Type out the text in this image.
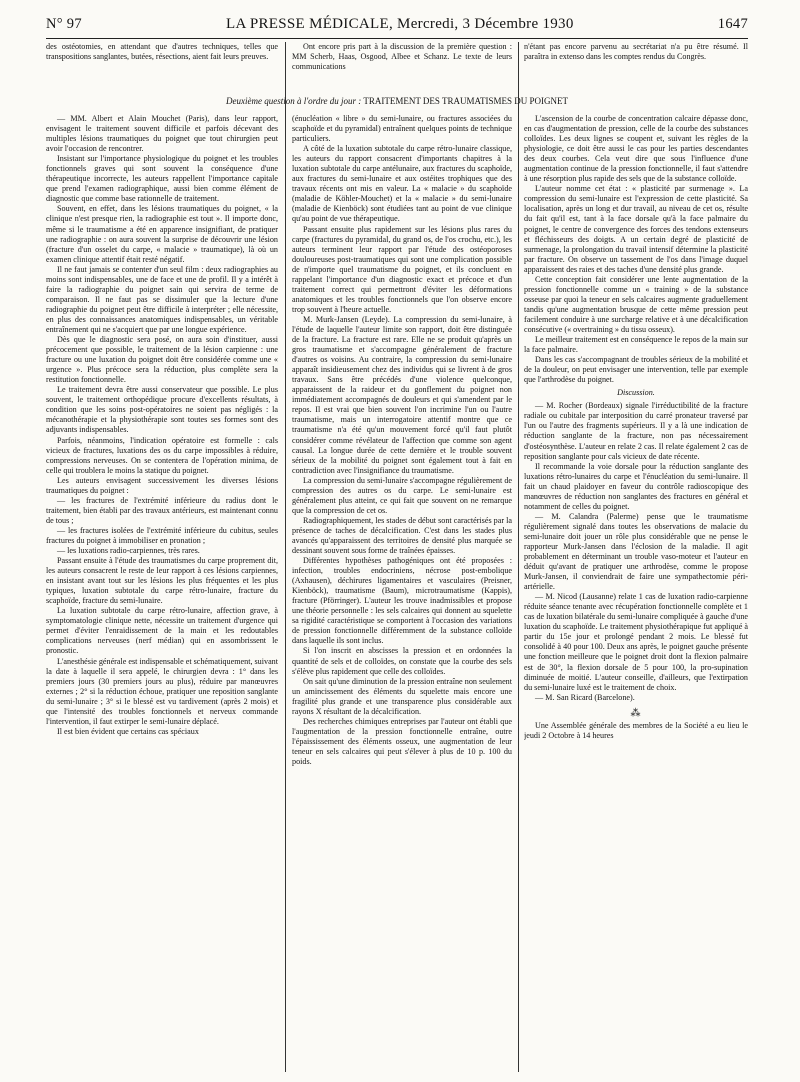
N° 97	LA PRESSE MÉDICALE, Mercredi, 3 Décembre 1930	1647

des ostéotomies, en attendant que d'autres techniques, telles que transpositions sanglantes, butées, résections, aient fait leurs preuves.

Ont encore pris part à la discussion de la première question : MM Scherb, Haas, Osgood, Albee et Schanz. Le texte de leurs communications

n'étant pas encore parvenu au secrétariat n'a pu être résumé. Il paraîtra in extenso dans les comptes rendus du Congrès.

Deuxième question à l'ordre du jour : TRAITEMENT DES TRAUMATISMES DU POIGNET

— MM. Albert et Alain Mouchet (Paris), dans leur rapport, envisagent le traitement souvent difficile et parfois décevant des multiples lésions traumatiques du poignet que tout chirurgien peut avoir l'occasion de rencontrer.

Insistant sur l'importance physiologique du poignet et les troubles fonctionnels graves qui sont souvent la conséquence d'une thérapeutique incorrecte, les auteurs rappellent l'importance capitale que prend l'examen radiographique, aussi bien comme élément de diagnostic que comme base rationnelle de traitement.

Souvent, en effet, dans les lésions traumatiques du poignet, « la clinique n'est presque rien, la radiographie est tout ». Il importe donc, même si le traumatisme a été en apparence insignifiant, de pratiquer une radiographie : on aura souvent la surprise de découvrir une lésion (fracture d'un osselet du carpe, « malacie » traumatique), là où un examen clinique attentif était resté négatif.

Il ne faut jamais se contenter d'un seul film : deux radiographies au moins sont indispensables, une de face et une de profil. Il y a intérêt à faire la radiographie du poignet sain qui servira de terme de comparaison. Il ne faut pas se dissimuler que la lecture d'une radiographie du poignet peut être difficile à interpréter ; elle nécessite, en plus des connaissances anatomiques indispensables, un véritable entraînement qui ne s'acquiert que par une longue expérience.

Dès que le diagnostic sera posé, on aura soin d'instituer, aussi précocement que possible, le traitement de la lésion carpienne : une fracture ou une luxation du poignet doit être considérée comme une « urgence ». Plus précoce sera la réduction, plus complète sera la restitution fonctionnelle.

Le traitement devra être aussi conservateur que possible. Le plus souvent, le traitement orthopédique procure d'excellents résultats, à condition que les soins post-opératoires ne soient pas négligés : la mécanothérapie et la physiothérapie sont toutes ses formes sont des adjuvants indispensables.

Parfois, néanmoins, l'indication opératoire est formelle : cals vicieux de fractures, luxations des os du carpe impossibles à réduire, compressions nerveuses. On se contentera de l'opération minima, de celle qui troublera le moins la statique du poignet.

Les auteurs envisagent successivement les diverses lésions traumatiques du poignet :

— les fractures de l'extrémité inférieure du radius dont le traitement, bien établi par des travaux antérieurs, est maintenant connu de tous ;

— les fractures isolées de l'extrémité inférieure du cubitus, seules fractures du poignet à immobiliser en pronation ;

— les luxations radio-carpiennes, très rares.

Passant ensuite à l'étude des traumatismes du carpe proprement dit, les auteurs consacrent le reste de leur rapport à ces lésions carpiennes, en insistant avant tout sur les lésions les plus fréquentes et les plus typiques, luxation subtotale du carpe rétro-lunaire, fracture du scaphoïde, fracture du semi-lunaire.

La luxation subtotale du carpe rétro-lunaire, affection grave, à symptomatologie clinique nette, nécessite un traitement d'urgence qui permet d'éviter l'enraidissement de la main et les redoutables complications nerveuses (nerf médian) qui en assombrissent le pronostic.

L'anesthésie générale est indispensable et schématiquement, suivant la date à laquelle il sera appelé, le chirurgien devra : 1° dans les premiers jours (30 premiers jours au plus), réduire par manœuvres externes ; 2° si la réduction échoue, pratiquer une reposition sanglante du semi-lunaire ; 3° si le blessé est vu tardivement (après 2 mois) et que l'intensité des troubles fonctionnels et nerveux commande l'intervention, il faut extirper le semi-lunaire déplacé.

Il est bien évident que certains cas spéciaux

(énucléation « libre » du semi-lunaire, ou fractures associées du scaphoïde et du pyramidal) entraînent quelques points de technique particuliers.

A côté de la luxation subtotale du carpe rétro-lunaire classique, les auteurs du rapport consacrent d'importants chapitres à la luxation subtotale du carpe antélunaire, aux fractures du scaphoïde, aux fractures du semi-lunaire et aux ostéites trophiques que des travaux récents ont mis en valeur. La « malacie » du scaphoïde (maladie de Köhler-Mouchet) et la « malacie » du semi-lunaire (maladie de Kienböck) sont étudiées tant au point de vue clinique qu'au point de vue thérapeutique.

Passant ensuite plus rapidement sur les lésions plus rares du carpe (fractures du pyramidal, du grand os, de l'os crochu, etc.), les auteurs terminent leur rapport par l'étude des ostéoporoses douloureuses post-traumatiques qui sont une complication possible de n'importe quel traumatisme du poignet, et ils concluent en rappelant l'importance d'un diagnostic exact et précoce et d'un traitement correct qui permettront d'éviter les déformations anatomiques et les troubles fonctionnels que l'on observe encore trop souvent à l'heure actuelle.

M. Murk-Jansen (Leyde). La compression du semi-lunaire, à l'étude de laquelle l'auteur limite son rapport, doit être distinguée de la fracture. La fracture est rare. Elle ne se produit qu'après un gros traumatisme et s'accompagne généralement de fracture d'autres os voisins. Au contraire, la compression du semi-lunaire apparaît insidieusement chez des individus qui se livrent à de gros travaux. Sans être précédés d'une violence quelconque, apparaissent de la raideur et du gonflement du poignet non immédiatement accompagnés de douleurs et qui s'amendent par le repos. Il est vrai que bien souvent l'on incrimine l'un ou l'autre traumatisme, mais un interrogatoire attentif montre que ce traumatisme n'a été qu'un mouvement forcé qu'il faut plutôt considérer comme révélateur de l'affection que comme son agent causal. La longue durée de cette dernière et le trouble souvent sérieux de la mobilité du poignet sont également tout à fait en contradiction avec l'insignifiance du traumatisme.

La compression du semi-lunaire s'accompagne régulièrement de compression des autres os du carpe. Le semi-lunaire est généralement plus atteint, ce qui fait que souvent on ne remarque que la compression de cet os.

Radiographiquement, les stades de début sont caractérisés par la présence de taches de décalcification. C'est dans les stades plus avancés qu'apparaissent des territoires de densité plus marquée se dessinant souvent sous forme de traînées épaisses.

Différentes hypothèses pathogéniques ont été proposées : infection, troubles endocriniens, nécrose post-embolique (Axhausen), déchirures ligamentaires et vasculaires (Preisner, Kienböck), traumatisme (Baum), microtraumatisme (Kappis), fracture (Pförringer). L'auteur les trouve inadmissibles et propose une théorie personnelle : les sels calcaires qui donnent au squelette sa rigidité caractéristique se comportent à l'occasion des variations de pression fonctionnelle différemment de la substance colloïde dans laquelle ils sont inclus.

Si l'on inscrit en abscisses la pression et en ordonnées la quantité de sels et de colloïdes, on constate que la courbe des sels s'élève plus rapidement que celle des colloïdes.

On sait qu'une diminution de la pression entraîne non seulement un amincissement des éléments du squelette mais encore une fragilité plus grande et une transparence plus considérable aux rayons X résultant de la décalcification.

Des recherches chimiques entreprises par l'auteur ont établi que l'augmentation de la pression fonctionnelle entraîne, outre l'épaississement des éléments osseux, une augmentation de leur teneur en sels calcaires qui peut s'élever à plus de 10 p. 100 du poids.

L'ascension de la courbe de concentration calcaire dépasse donc, en cas d'augmentation de pression, celle de la courbe des substances colloïdes. Les deux lignes se coupent et, suivant les règles de la physiologie, ce doit être aussi le cas pour les parties descendantes des deux courbes. Cela veut dire que sous l'influence d'une augmentation continue de la pression fonctionnelle, il faut s'attendre à une résorption plus rapide des sels que de la substance colloïde.

L'auteur nomme cet état : « plasticité par surmenage ». La compression du semi-lunaire est l'expression de cette plasticité. Sa localisation, après un long et dur travail, au niveau de cet os, résulte du fait qu'il est, tant à la face dorsale qu'à la face palmaire du poignet, le centre de convergence des forces des tendons extenseurs et fléchisseurs des doigts. A un certain degré de plasticité de surmenage, la prolongation du travail intensif détermine la plasticité par fracture. On observe un tassement de l'os dans l'image duquel apparaissent des raies et des taches d'une densité plus grande.

Cette conception fait considérer une lente augmentation de la pression fonctionnelle comme un « training » de la substance osseuse par quoi la teneur en sels calcaires augmente graduellement tandis qu'une augmentation brusque de cette même pression peut facilement conduire à une surcharge relative et à une décalcification consécutive (« overtraining » du tissu osseux).

Le meilleur traitement est en conséquence le repos de la main sur la face palmaire.

Dans les cas s'accompagnant de troubles sérieux de la mobilité et de la douleur, on peut envisager une intervention, telle par exemple que l'arthrodèse du poignet.

Discussion.

— M. Rocher (Bordeaux) signale l'irréductibilité de la fracture radiale ou cubitale par interposition du carré pronateur traversé par l'un ou l'autre des fragments supérieurs. Il y a là une indication de réduction sanglante de la fracture, non pas nécessairement d'ostéosynthèse. L'auteur en relate 2 cas. Il relate également 2 cas de reposition sanglante pour cals vicieux de date récente.

Il recommande la voie dorsale pour la réduction sanglante des luxations rétro-lunaires du carpe et l'énucléation du semi-lunaire. Il fait un chaud plaidoyer en faveur du contrôle radioscopique des manœuvres de réduction non sanglantes des fractures en général et notamment de celles du poignet.

— M. Calandra (Palerme) pense que le traumatisme régulièrement signalé dans toutes les observations de malacie du semi-lunaire doit jouer un rôle plus considérable que ne pense le rapporteur Murk-Jansen dans l'éclosion de la maladie. Il agit probablement en déterminant un trouble vaso-moteur et l'auteur en déduit qu'avant de pratiquer une arthrodèse, comme le propose Murk-Jansen, il conviendrait de faire une sympathectomie péri-artérielle.

— M. Nicod (Lausanne) relate 1 cas de luxation radio-carpienne réduite séance tenante avec récupération fonctionnelle complète et 1 cas de luxation bilatérale du semi-lunaire compliquée à gauche d'une luxation du scaphoïde. Le traitement physiothérapique fut appliqué à partir du 15e jour et prolongé pendant 2 mois. Le blessé fut consolidé à 40 pour 100. Deux ans après, le poignet gauche présente une fonction meilleure que le poignet droit dont la flexion palmaire est de 30°, la flexion dorsale de 5 pour 100, la pro-supination diminuée de moitié. L'auteur conseille, d'ailleurs, que l'extirpation du semi-lunaire luxé est le traitement de choix.

— M. San Ricard (Barcelone).

⁂

Une Assemblée générale des membres de la Société a eu lieu le jeudi 2 Octobre à 14 heures
